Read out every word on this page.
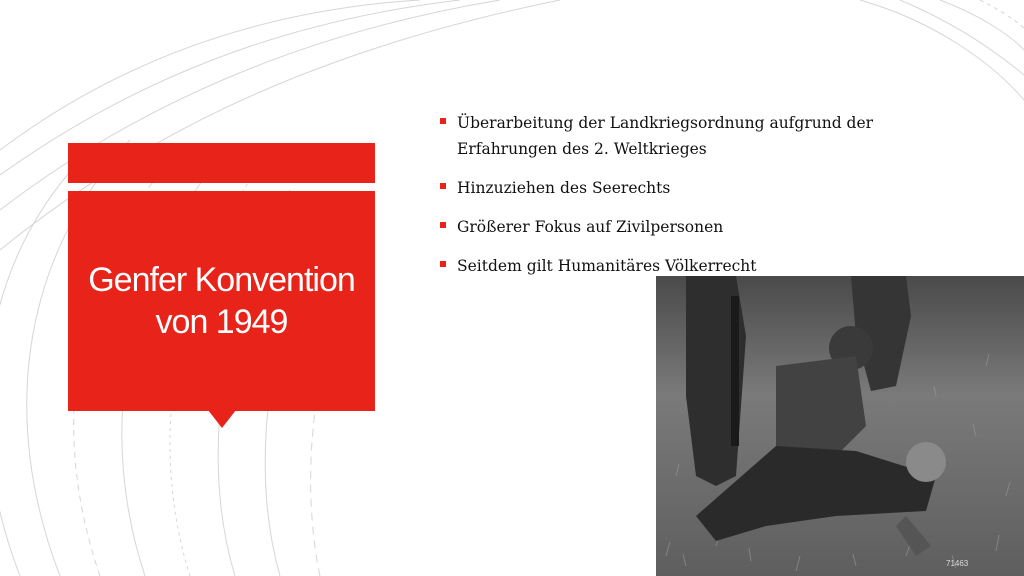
Genfer Konvention von 1949
Überarbeitung der Landkriegsordnung aufgrund der Erfahrungen des 2. Weltkrieges
Hinzuziehen des Seerechts
Größerer Fokus auf Zivilpersonen
Seitdem gilt Humanitäres Völkerrecht
71463
